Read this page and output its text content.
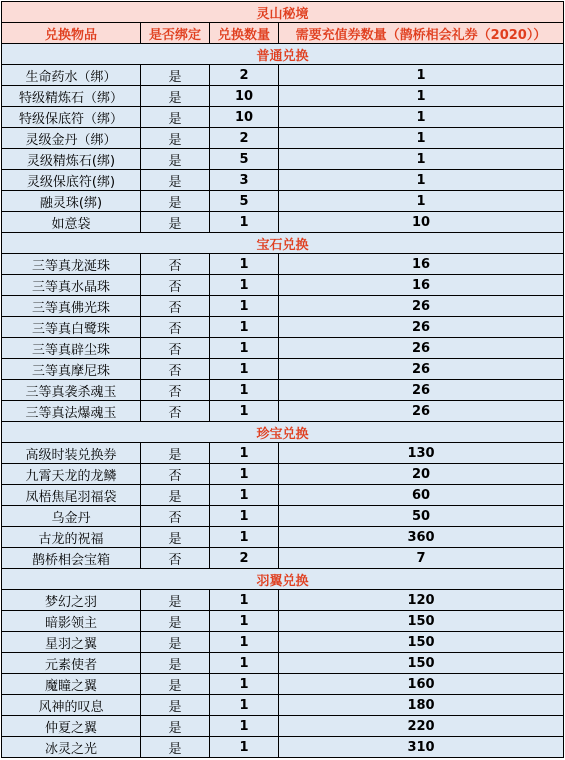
灵山秘境			
兑换物品	是否绑定	兑换数量	需要充值券数量（鹊桥相会礼券（2020））
普通兑换			
生命药水（绑）	是	2	1
特级精炼石（绑）	是	10	1
特级保底符（绑）	是	10	1
灵级金丹（绑）	是	2	1
灵级精炼石(绑)	是	5	1
灵级保底符(绑)	是	3	1
融灵珠(绑)	是	5	1
如意袋	是	1	10
宝石兑换			
三等真龙涎珠	否	1	16
三等真水晶珠	否	1	16
三等真佛光珠	否	1	26
三等真白鹭珠	否	1	26
三等真辟尘珠	否	1	26
三等真摩尼珠	否	1	26
三等真袭杀魂玉	否	1	26
三等真法爆魂玉	否	1	26
珍宝兑换			
高级时装兑换券	是	1	130
九霄天龙的龙鳞	否	1	20
凤梧焦尾羽福袋	是	1	60
乌金丹	否	1	50
古龙的祝福	是	1	360
鹊桥相会宝箱	否	2	7
羽翼兑换			
梦幻之羽	是	1	120
暗影领主	是	1	150
星羽之翼	是	1	150
元素使者	是	1	150
魔瞳之翼	是	1	160
风神的叹息	是	1	180
仲夏之翼	是	1	220
冰灵之光	是	1	310
